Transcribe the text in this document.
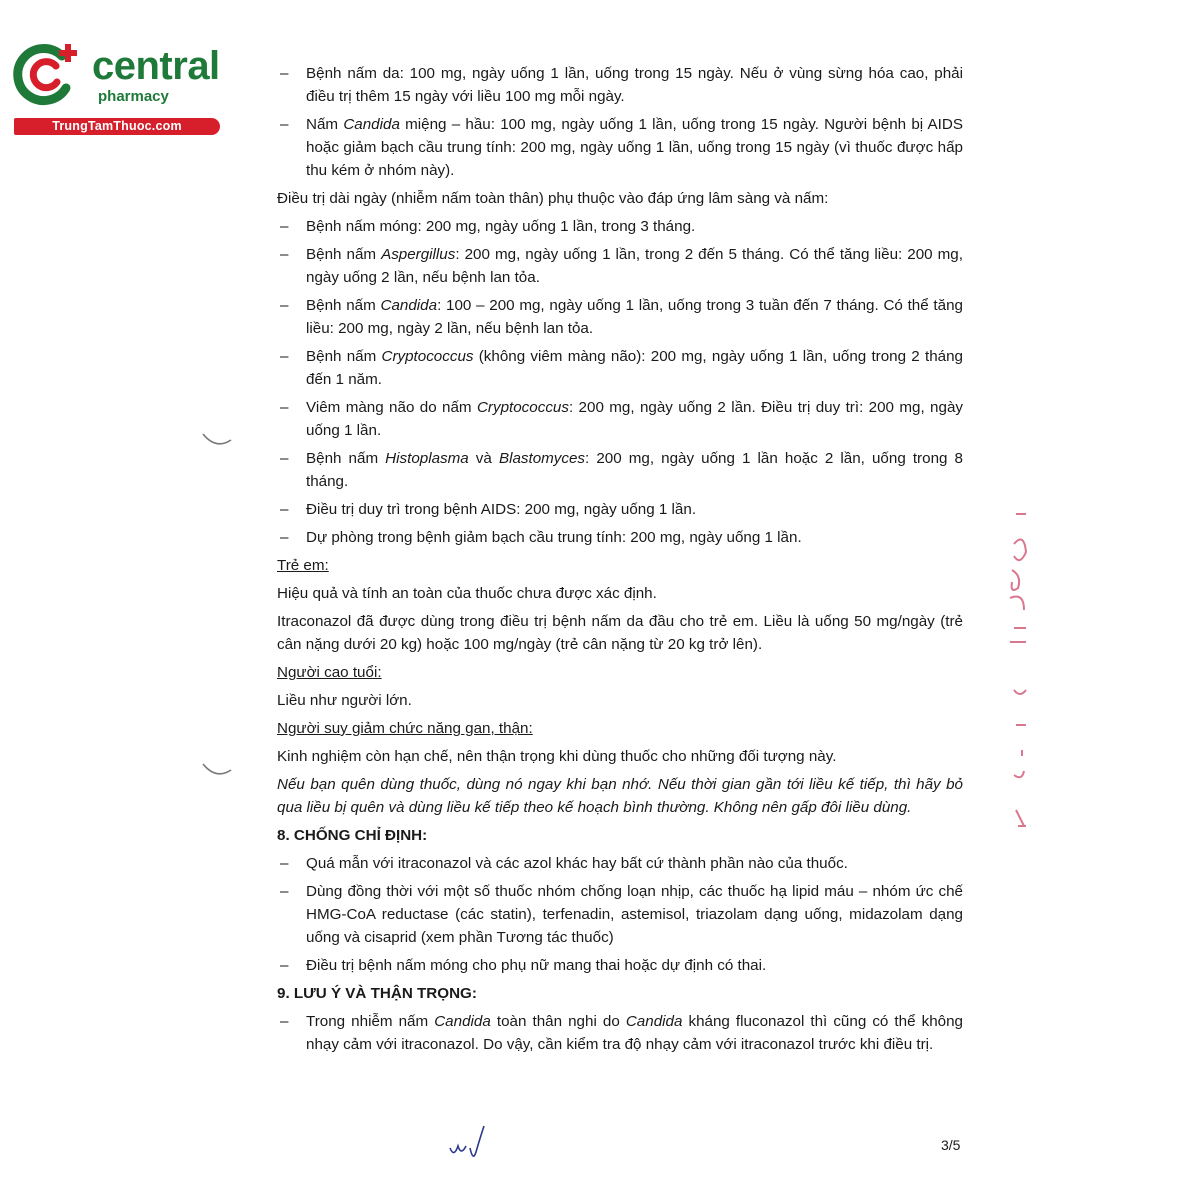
central
pharmacy
TrungTamThuoc.com
– Bệnh nấm da: 100 mg, ngày uống 1 lần, uống trong 15 ngày. Nếu ở vùng sừng hóa cao, phải điều trị thêm 15 ngày với liều 100 mg mỗi ngày.
– Nấm Candida miệng – hầu: 100 mg, ngày uống 1 lần, uống trong 15 ngày. Người bệnh bị AIDS hoặc giảm bạch cầu trung tính: 200 mg, ngày uống 1 lần, uống trong 15 ngày (vì thuốc được hấp thu kém ở nhóm này).

Điều trị dài ngày (nhiễm nấm toàn thân) phụ thuộc vào đáp ứng lâm sàng và nấm:

– Bệnh nấm móng: 200 mg, ngày uống 1 lần, trong 3 tháng.
– Bệnh nấm Aspergillus: 200 mg, ngày uống 1 lần, trong 2 đến 5 tháng. Có thể tăng liều: 200 mg, ngày uống 2 lần, nếu bệnh lan tỏa.
– Bệnh nấm Candida: 100 – 200 mg, ngày uống 1 lần, uống trong 3 tuần đến 7 tháng. Có thể tăng liều: 200 mg, ngày 2 lần, nếu bệnh lan tỏa.
– Bệnh nấm Cryptococcus (không viêm màng não): 200 mg, ngày uống 1 lần, uống trong 2 tháng đến 1 năm.
– Viêm màng não do nấm Cryptococcus: 200 mg, ngày uống 2 lần. Điều trị duy trì: 200 mg, ngày uống 1 lần.
– Bệnh nấm Histoplasma và Blastomyces: 200 mg, ngày uống 1 lần hoặc 2 lần, uống trong 8 tháng.
– Điều trị duy trì trong bệnh AIDS: 200 mg, ngày uống 1 lần.
– Dự phòng trong bệnh giảm bạch cầu trung tính: 200 mg, ngày uống 1 lần.

Trẻ em:

Hiệu quả và tính an toàn của thuốc chưa được xác định.

Itraconazol đã được dùng trong điều trị bệnh nấm da đầu cho trẻ em. Liều là uống 50 mg/ngày (trẻ cân nặng dưới 20 kg) hoặc 100 mg/ngày (trẻ cân nặng từ 20 kg trở lên).

Người cao tuổi:

Liều như người lớn.

Người suy giảm chức năng gan, thận:

Kinh nghiệm còn hạn chế, nên thận trọng khi dùng thuốc cho những đối tượng này.

Nếu bạn quên dùng thuốc, dùng nó ngay khi bạn nhớ. Nếu thời gian gần tới liều kế tiếp, thì hãy bỏ qua liều bị quên và dùng liều kế tiếp theo kế hoạch bình thường. Không nên gấp đôi liều dùng.

8. CHỐNG CHỈ ĐỊNH:

– Quá mẫn với itraconazol và các azol khác hay bất cứ thành phần nào của thuốc.
– Dùng đồng thời với một số thuốc nhóm chống loạn nhịp, các thuốc hạ lipid máu – nhóm ức chế HMG-CoA reductase (các statin), terfenadin, astemisol, triazolam dạng uống, midazolam dạng uống và cisaprid (xem phần Tương tác thuốc)
– Điều trị bệnh nấm móng cho phụ nữ mang thai hoặc dự định có thai.

9. LƯU Ý VÀ THẬN TRỌNG:

– Trong nhiễm nấm Candida toàn thân nghi do Candida kháng fluconazol thì cũng có thể không nhạy cảm với itraconazol. Do vậy, cần kiểm tra độ nhạy cảm với itraconazol trước khi điều trị.
3/5
